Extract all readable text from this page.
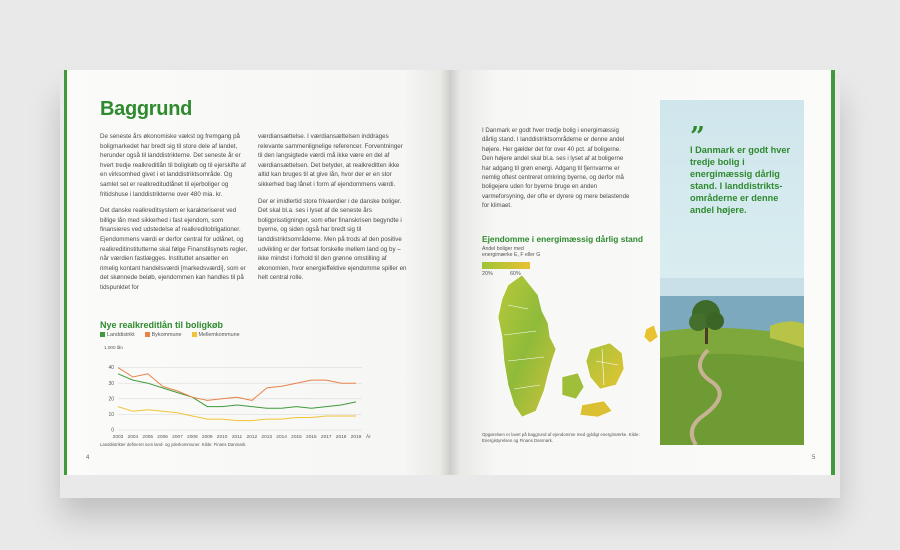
Baggrund

De seneste års økonomiske vækst og fremgang på boligmarkedet har bredt sig til store dele af landet, herunder også til landdistrikterne. Det seneste år er hvert tredje realkreditlån til boligkøb og til ejerskifte af en virksomhed givet i et landdistriktsområde. Og samlet set er realkreditudlånet til ejerboliger og fritidshuse i landdistrikterne over 480 mia. kr.

Det danske realkreditsystem er karakteriseret ved billige lån med sikkerhed i fast ejendom, som finansieres ved udstedelse af realkreditobligationer. Ejendommens værdi er derfor central for udlånet, og realkreditinstitutterne skal følge Finanstilsynets regler, når værdien fastlægges. Instituttet ansætter en rimelig kontant handelsværdi [markedsværdi], som er det skønnede beløb, ejendommen kan handles til på tidspunktet for

værdiansættelse. I værdiansættelsen inddrages relevante sammenlignelige referencer. Forventninger til den langsigtede værdi må ikke være en del af værdiansættelsen. Det betyder, at realkreditten ikke altid kan bruges til at give lån, hvor der er en stor sikkerhed bag lånet i form af ejendommens værdi.

Der er imidlertid store frivaerdier i de danske boliger. Det skal bl.a. ses i lyset af de seneste års boligprisstigninger, som efter finanskrisen begyndte i byerne, og siden også har bredt sig til landdistriktsområderne. Men på trods af den positive udvikling er der fortsat forskelle mellem land og by – ikke mindst i forhold til den grønne omstilling af økonomien, hvor energieffektive ejendomme spiller en helt central rolle.

Nye realkreditlån til boligkøb
Landdistrikt	Bykommune	Mellemkommune
1.000 lån
0
10
20
30
40
2003 2004 2005 2006 2007 2008 2009 2010 2011 2012 2013 2014 2015 2016 2017 2018 2019 År
Landdistrikter defineret som land- og yderkommuner. Kilde: Finans Danmark.
4
I Danmark er godt hver tredje bolig i energimæssig dårlig stand. I landdistriktsområderne er denne andel højere. Her gælder det for over 40 pct. af boligerne. Den højere andel skal bl.a. ses i lyset af at boligerne har adgang til grøn energi. Adgang til fjernvarme er nemlig oftest centreret omkring byerne, og derfor må boligejere uden for byerne bruge en anden varmeforsyning, der ofte er dyrere og mere belastende for klimaet.
Ejendomme i energimæssig dårlig stand
Andel boliger med energimærke E, F eller G
20%	60%
Opgørelsen er lavet på baggrund af ejendomme med gyldigt energimærke. Kilde: Energistyrelsen og Finans Danmark.
”
I Danmark er godt hver tredje bolig i energimæssig dårlig stand. I landdistriktsområderne er denne andel højere.
5
